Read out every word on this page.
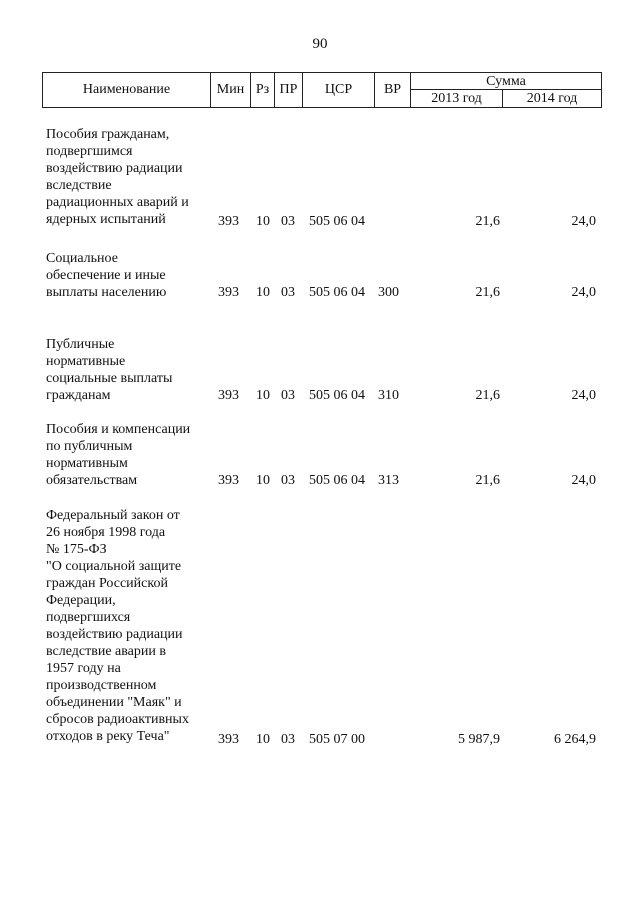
90
Наименование	Мин Рз ПР	ЦСР	ВР
Сумма
2013 год	2014 год
Пособия гражданам,
подвергшимся
воздействию радиации
вследствие
радиационных аварий и
ядерных испытаний	393 10 03 505 06 04	21,6	24,0
Социальное
обеспечение и иные
выплаты населению	393 10 03 505 06 04 300	21,6	24,0
Публичные
нормативные
социальные выплаты
гражданам	393 10 03 505 06 04 310	21,6	24,0
Пособия и компенсации
по публичным
нормативным
обязательствам	393 10 03 505 06 04 313	21,6	24,0
Федеральный закон от
26 ноября 1998 года
№ 175-ФЗ
"О социальной защите
граждан Российской
Федерации,
подвергшихся
воздействию радиации
вследствие аварии в
1957 году на
производственном
объединении "Маяк" и
сбросов радиоактивных
отходов в реку Теча"	393 10 03 505 07 00	5 987,9	6 264,9
